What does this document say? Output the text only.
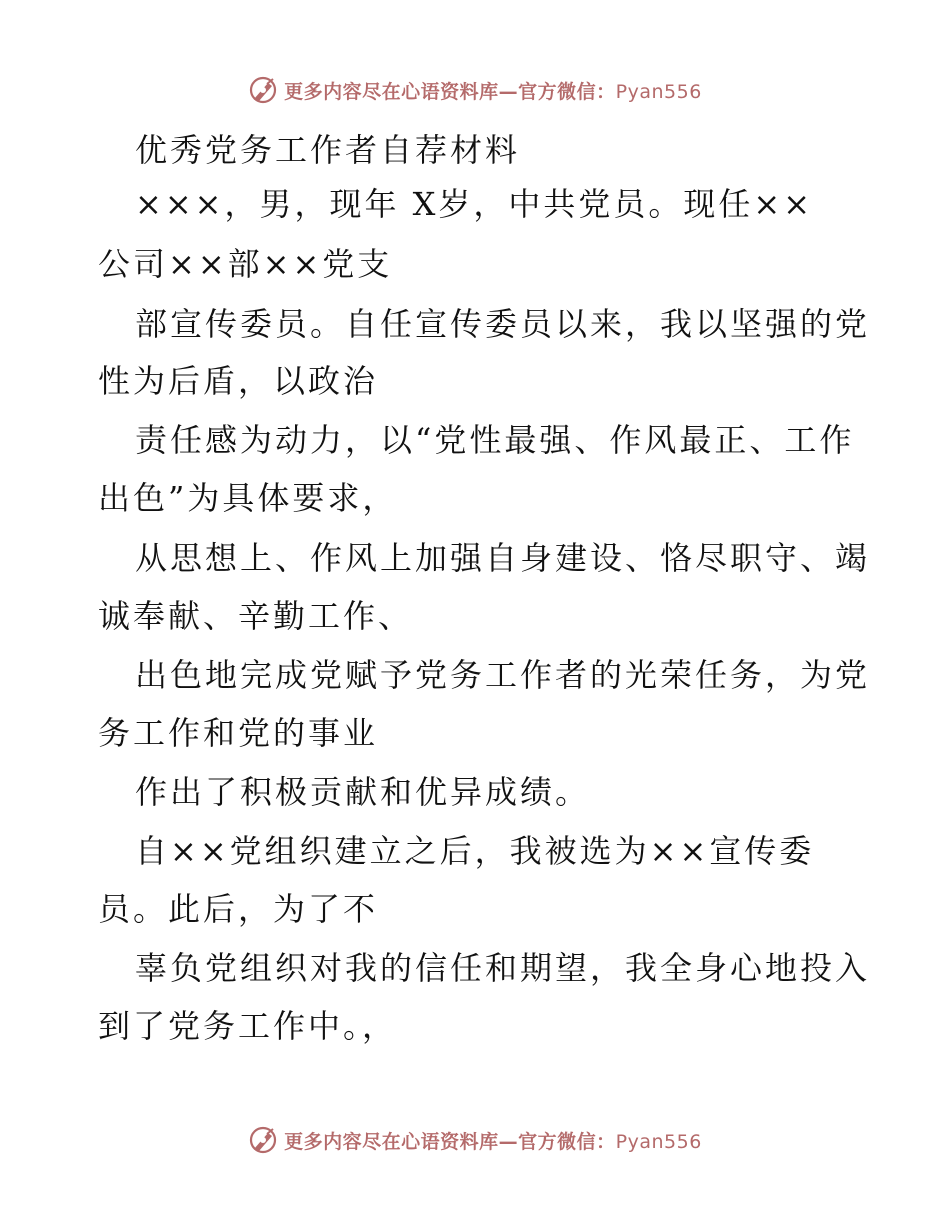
更多内容尽在心语资料库—官方微信：Pyan556
优秀党务工作者自荐材料
×××，男，现年 X岁，中共党员。现任××
公司××部××党支
部宣传委员。自任宣传委员以来，我以坚强的党
性为后盾，以政治
责任感为动力，以“党性最强、作风最正、工作
出色”为具体要求，
从思想上、作风上加强自身建设、恪尽职守、竭
诚奉献、辛勤工作、
出色地完成党赋予党务工作者的光荣任务，为党
务工作和党的事业
作出了积极贡献和优异成绩。
自××党组织建立之后，我被选为××宣传委
员。此后，为了不
辜负党组织对我的信任和期望，我全身心地投入
到了党务工作中。，
更多内容尽在心语资料库—官方微信：Pyan556
